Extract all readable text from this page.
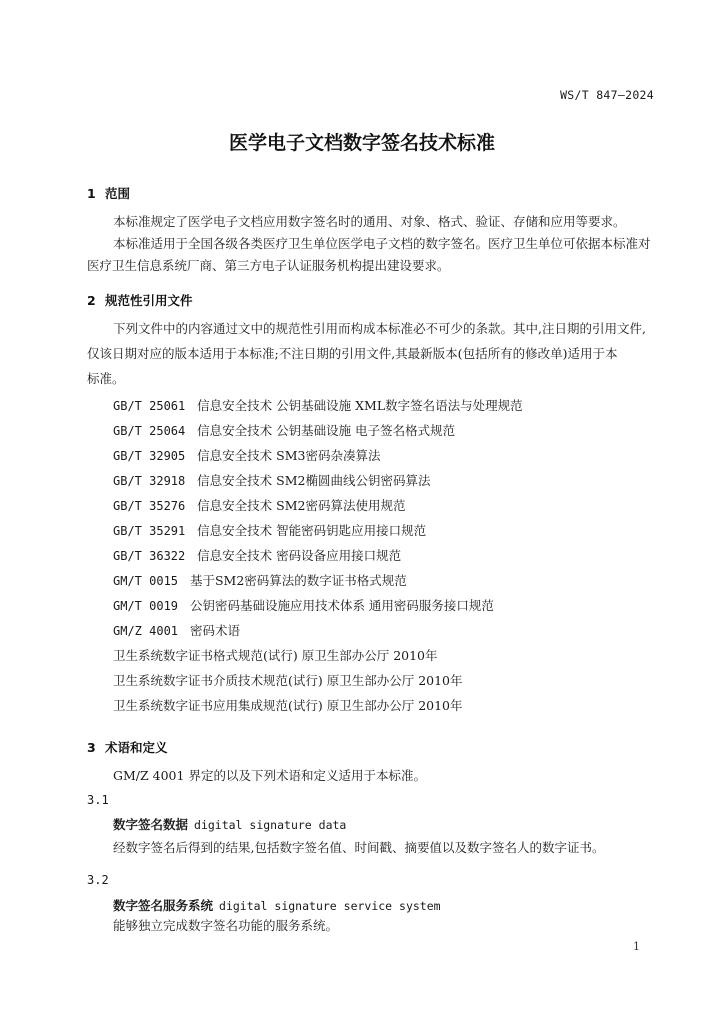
WS/T 847—2024
医学电子文档数字签名技术标准
1 范围
本标准规定了医学电子文档应用数字签名时的通用、对象、格式、验证、存储和应用等要求。
本标准适用于全国各级各类医疗卫生单位医学电子文档的数字签名。医疗卫生单位可依据本标准对
医疗卫生信息系统厂商、第三方电子认证服务机构提出建设要求。
2 规范性引用文件
下列文件中的内容通过文中的规范性引用而构成本标准必不可少的条款。其中,注日期的引用文件,
仅该日期对应的版本适用于本标准;不注日期的引用文件,其最新版本(包括所有的修改单)适用于本
标准。
GB/T 25061 信息安全技术 公钥基础设施 XML数字签名语法与处理规范
GB/T 25064 信息安全技术 公钥基础设施 电子签名格式规范
GB/T 32905 信息安全技术 SM3密码杂凑算法
GB/T 32918 信息安全技术 SM2椭圆曲线公钥密码算法
GB/T 35276 信息安全技术 SM2密码算法使用规范
GB/T 35291 信息安全技术 智能密码钥匙应用接口规范
GB/T 36322 信息安全技术 密码设备应用接口规范
GM/T 0015 基于SM2密码算法的数字证书格式规范
GM/T 0019 公钥密码基础设施应用技术体系 通用密码服务接口规范
GM/Z 4001 密码术语
卫生系统数字证书格式规范(试行) 原卫生部办公厅 2010年
卫生系统数字证书介质技术规范(试行) 原卫生部办公厅 2010年
卫生系统数字证书应用集成规范(试行) 原卫生部办公厅 2010年
3 术语和定义
GM/Z 4001 界定的以及下列术语和定义适用于本标准。
3.1
数字签名数据 digital signature data
经数字签名后得到的结果,包括数字签名值、时间戳、摘要值以及数字签名人的数字证书。
3.2
数字签名服务系统 digital signature service system
能够独立完成数字签名功能的服务系统。
1
